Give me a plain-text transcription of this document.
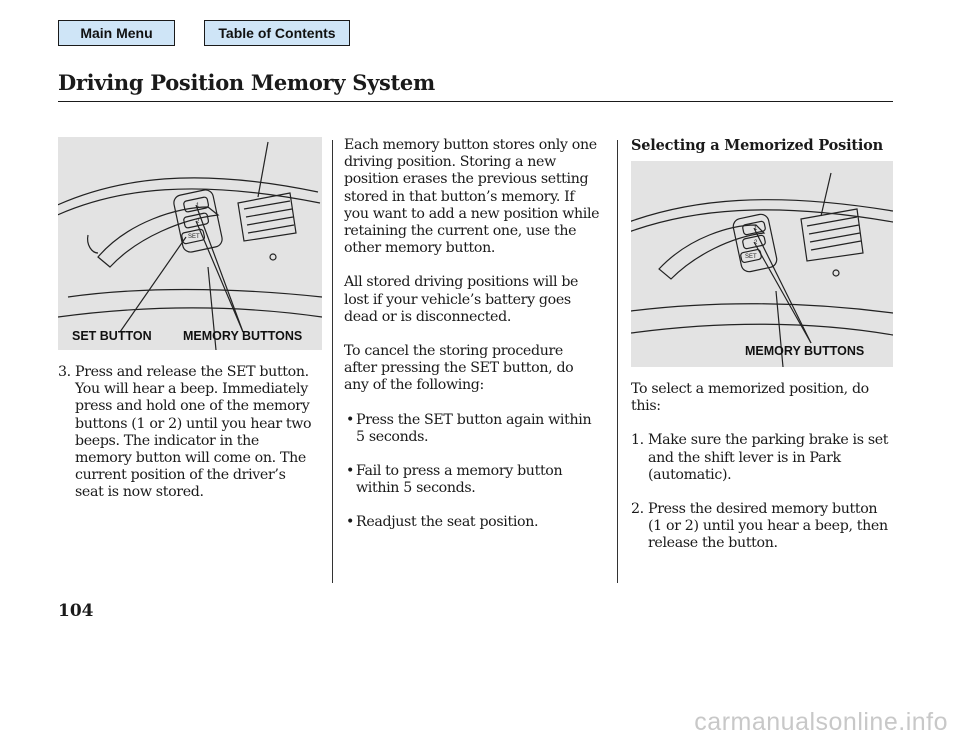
Main Menu	Table of Contents
Driving Position Memory System
1
2
SET
SET BUTTON	MEMORY BUTTONS
1
2
SET
MEMORY BUTTONS
3. Press and release the SET button.
You will hear a beep. Immediately
press and hold one of the memory
buttons (1 or 2) until you hear two
beeps. The indicator in the
memory button will come on. The
current position of the driver’s
seat is now stored.

Each memory button stores only one
driving position. Storing a new
position erases the previous setting
stored in that button’s memory. If
you want to add a new position while
retaining the current one, use the
other memory button.

All stored driving positions will be
lost if your vehicle’s battery goes
dead or is disconnected.

To cancel the storing procedure
after pressing the SET button, do
any of the following:

• Press the SET button again within
5 seconds.
• Fail to press a memory button
within 5 seconds.
• Readjust the seat position.
Selecting a Memorized Position

To select a memorized position, do
this:

1. Make sure the parking brake is set
and the shift lever is in Park
(automatic).
2. Press the desired memory button
(1 or 2) until you hear a beep, then
release the button.
104
carmanualsonline.info
